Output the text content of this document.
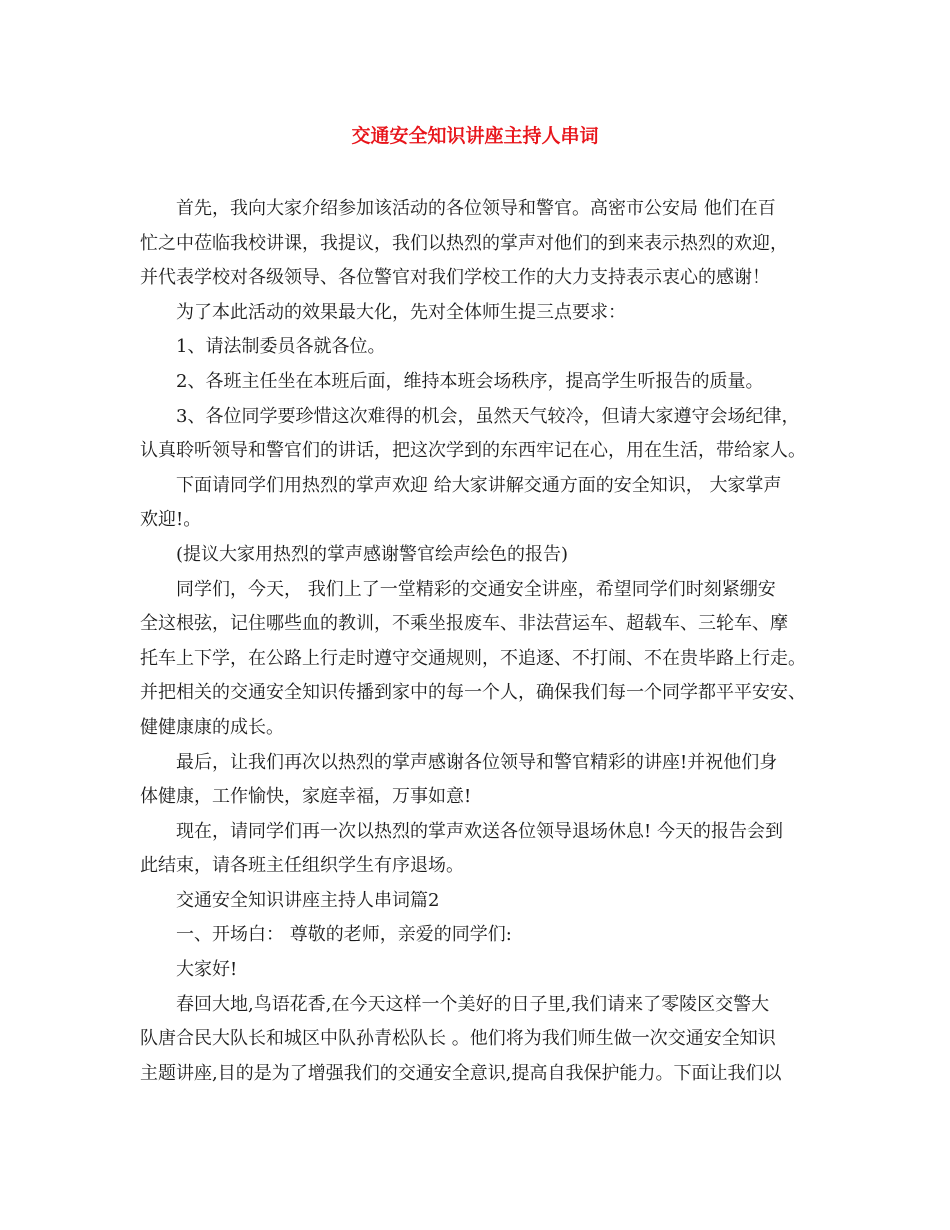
交通安全知识讲座主持人串词
首先，我向大家介绍参加该活动的各位领导和警官。高密市公安局 他们在百
忙之中莅临我校讲课，我提议，我们以热烈的掌声对他们的到来表示热烈的欢迎，
并代表学校对各级领导、各位警官对我们学校工作的大力支持表示衷心的感谢！
为了本此活动的效果最大化，先对全体师生提三点要求：
1、请法制委员各就各位。
2、各班主任坐在本班后面，维持本班会场秩序，提高学生听报告的质量。
3、各位同学要珍惜这次难得的机会，虽然天气较冷，但请大家遵守会场纪律，
认真聆听领导和警官们的讲话，把这次学到的东西牢记在心，用在生活，带给家人。
下面请同学们用热烈的掌声欢迎 给大家讲解交通方面的安全知识， 大家掌声
欢迎!。
(提议大家用热烈的掌声感谢警官绘声绘色的报告)
同学们，今天， 我们上了一堂精彩的交通安全讲座，希望同学们时刻紧绷安
全这根弦，记住哪些血的教训，不乘坐报废车、非法营运车、超载车、三轮车、摩
托车上下学，在公路上行走时遵守交通规则，不追逐、不打闹、不在贵毕路上行走。
并把相关的交通安全知识传播到家中的每一个人，确保我们每一个同学都平平安安、
健健康康的成长。
最后，让我们再次以热烈的掌声感谢各位领导和警官精彩的讲座!并祝他们身
体健康，工作愉快，家庭幸福，万事如意!
现在，请同学们再一次以热烈的掌声欢送各位领导退场休息! 今天的报告会到
此结束，请各班主任组织学生有序退场。
交通安全知识讲座主持人串词篇2
一、开场白： 尊敬的老师，亲爱的同学们:
大家好!
春回大地,鸟语花香,在今天这样一个美好的日子里,我们请来了零陵区交警大
队唐合民大队长和城区中队孙青松队长 。他们将为我们师生做一次交通安全知识
主题讲座,目的是为了增强我们的交通安全意识,提高自我保护能力。下面让我们以
